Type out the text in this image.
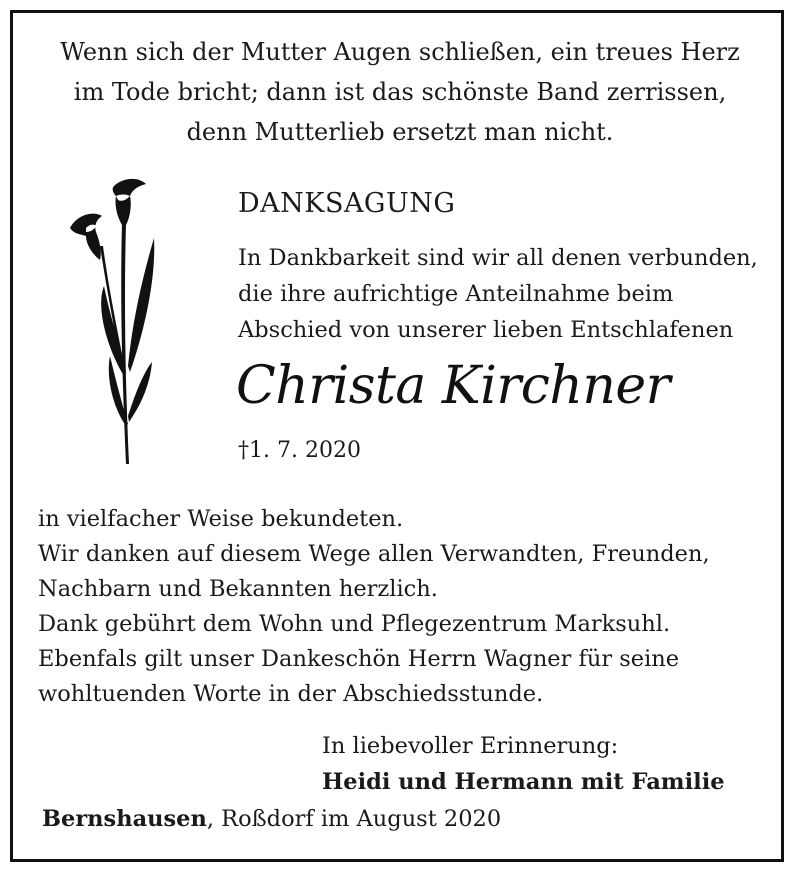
Wenn sich der Mutter Augen schließen, ein treues Herz
im Tode bricht; dann ist das schönste Band zerrissen,
denn Mutterlieb ersetzt man nicht.
DANKSAGUNG
In Dankbarkeit sind wir all denen verbunden,
die ihre aufrichtige Anteilnahme beim
Abschied von unserer lieben Entschlafenen
Christa Kirchner
†1. 7. 2020
in vielfacher Weise bekundeten.
Wir danken auf diesem Wege allen Verwandten, Freunden,
Nachbarn und Bekannten herzlich.
Dank gebührt dem Wohn und Pflegezentrum Marksuhl.
Ebenfals gilt unser Dankeschön Herrn Wagner für seine
wohltuenden Worte in der Abschiedsstunde.
In liebevoller Erinnerung:
Heidi und Hermann mit Familie
Bernshausen, Roßdorf im August 2020
